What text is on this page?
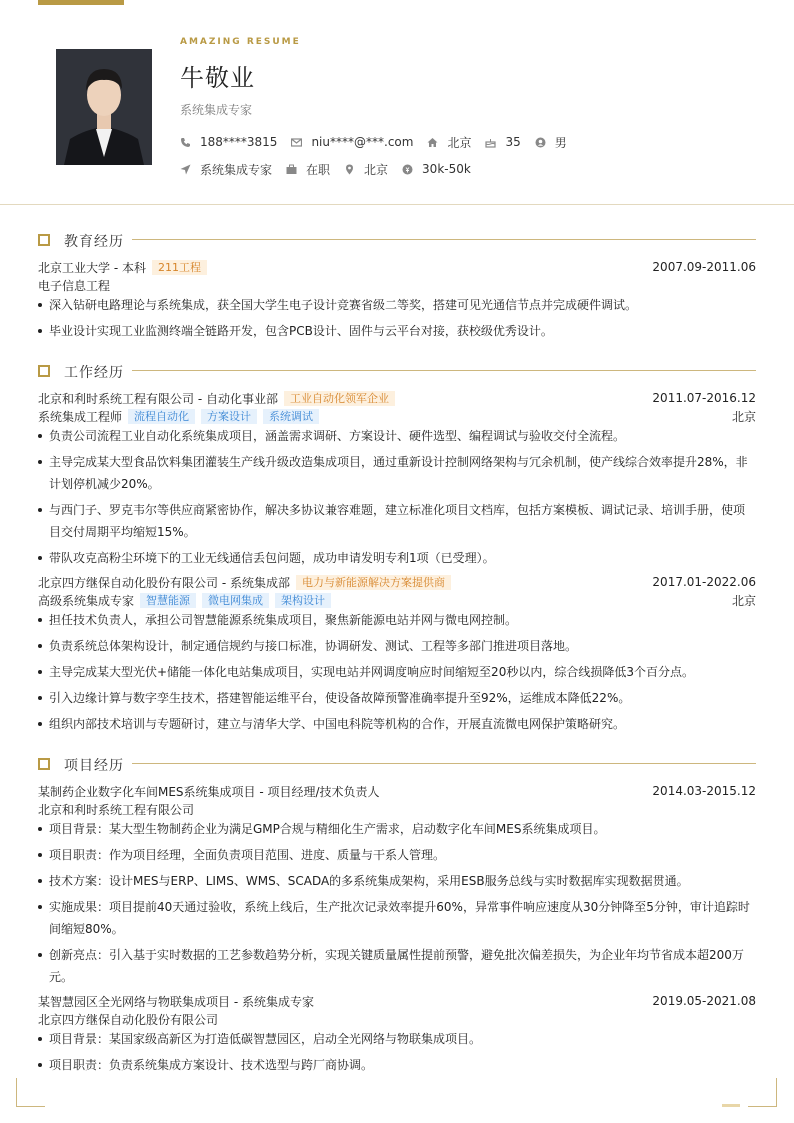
AMAZING RESUME
牛敬业
系统集成专家
188****3815	niu****@***.com	北京	35	男
系统集成专家	在职	北京	30k-50k
教育经历
北京工业大学 - 本科	211工程	2007.09-2011.06
电子信息工程
深入钻研电路理论与系统集成，获全国大学生电子设计竞赛省级二等奖，搭建可见光通信节点并完成硬件调试。
毕业设计实现工业监测终端全链路开发，包含PCB设计、固件与云平台对接，获校级优秀设计。
工作经历
北京和利时系统工程有限公司 - 自动化事业部	工业自动化领军企业	2011.07-2016.12
系统集成工程师	流程自动化	方案设计	系统调试	北京
负责公司流程工业自动化系统集成项目，涵盖需求调研、方案设计、硬件选型、编程调试与验收交付全流程。
主导完成某大型食品饮料集团灌装生产线升级改造集成项目，通过重新设计控制网络架构与冗余机制，使产线综合效率提升28%，非计划停机减少20%。
与西门子、罗克韦尔等供应商紧密协作，解决多协议兼容难题，建立标准化项目文档库，包括方案模板、调试记录、培训手册，使项目交付周期平均缩短15%。
带队攻克高粉尘环境下的工业无线通信丢包问题，成功申请发明专利1项（已受理）。
北京四方继保自动化股份有限公司 - 系统集成部	电力与新能源解决方案提供商	2017.01-2022.06
高级系统集成专家	智慧能源	微电网集成	架构设计	北京
担任技术负责人，承担公司智慧能源系统集成项目，聚焦新能源电站并网与微电网控制。
负责系统总体架构设计，制定通信规约与接口标准，协调研发、测试、工程等多部门推进项目落地。
主导完成某大型光伏+储能一体化电站集成项目，实现电站并网调度响应时间缩短至20秒以内，综合线损降低3个百分点。
引入边缘计算与数字孪生技术，搭建智能运维平台，使设备故障预警准确率提升至92%，运维成本降低22%。
组织内部技术培训与专题研讨，建立与清华大学、中国电科院等机构的合作，开展直流微电网保护策略研究。
项目经历
某制药企业数字化车间MES系统集成项目 - 项目经理/技术负责人	2014.03-2015.12
北京和利时系统工程有限公司
项目背景：某大型生物制药企业为满足GMP合规与精细化生产需求，启动数字化车间MES系统集成项目。
项目职责：作为项目经理，全面负责项目范围、进度、质量与干系人管理。
技术方案：设计MES与ERP、LIMS、WMS、SCADA的多系统集成架构，采用ESB服务总线与实时数据库实现数据贯通。
实施成果：项目提前40天通过验收，系统上线后，生产批次记录效率提升60%，异常事件响应速度从30分钟降至5分钟，审计追踪时间缩短80%。
创新亮点：引入基于实时数据的工艺参数趋势分析，实现关键质量属性提前预警，避免批次偏差损失，为企业年均节省成本超200万元。
某智慧园区全光网络与物联集成项目 - 系统集成专家	2019.05-2021.08
北京四方继保自动化股份有限公司
项目背景：某国家级高新区为打造低碳智慧园区，启动全光网络与物联集成项目。
项目职责：负责系统集成方案设计、技术选型与跨厂商协调。
